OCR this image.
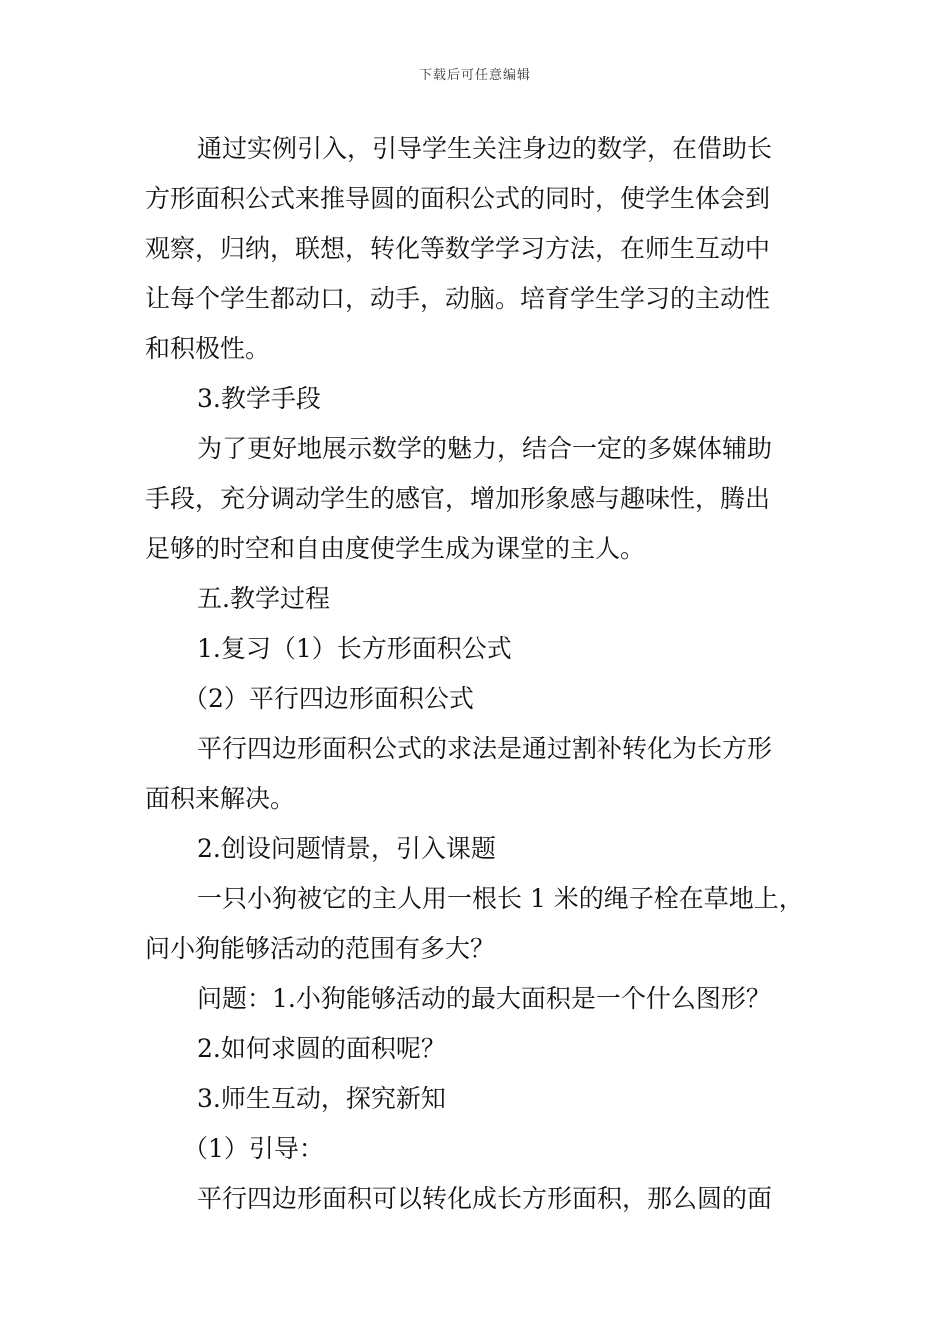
下载后可任意编辑
通过实例引入，引导学生关注身边的数学，在借助长
方形面积公式来推导圆的面积公式的同时，使学生体会到
观察，归纳，联想，转化等数学学习方法，在师生互动中
让每个学生都动口，动手，动脑。培育学生学习的主动性
和积极性。
3.教学手段
为了更好地展示数学的魅力，结合一定的多媒体辅助
手段，充分调动学生的感官，增加形象感与趣味性，腾出
足够的时空和自由度使学生成为课堂的主人。
五.教学过程
1.复习（1）长方形面积公式
（2）平行四边形面积公式
平行四边形面积公式的求法是通过割补转化为长方形
面积来解决。
2.创设问题情景，引入课题
一只小狗被它的主人用一根长 1 米的绳子栓在草地上，
问小狗能够活动的范围有多大？
问题：1.小狗能够活动的最大面积是一个什么图形？
2.如何求圆的面积呢？
3.师生互动，探究新知
（1）引导：
平行四边形面积可以转化成长方形面积，那么圆的面
